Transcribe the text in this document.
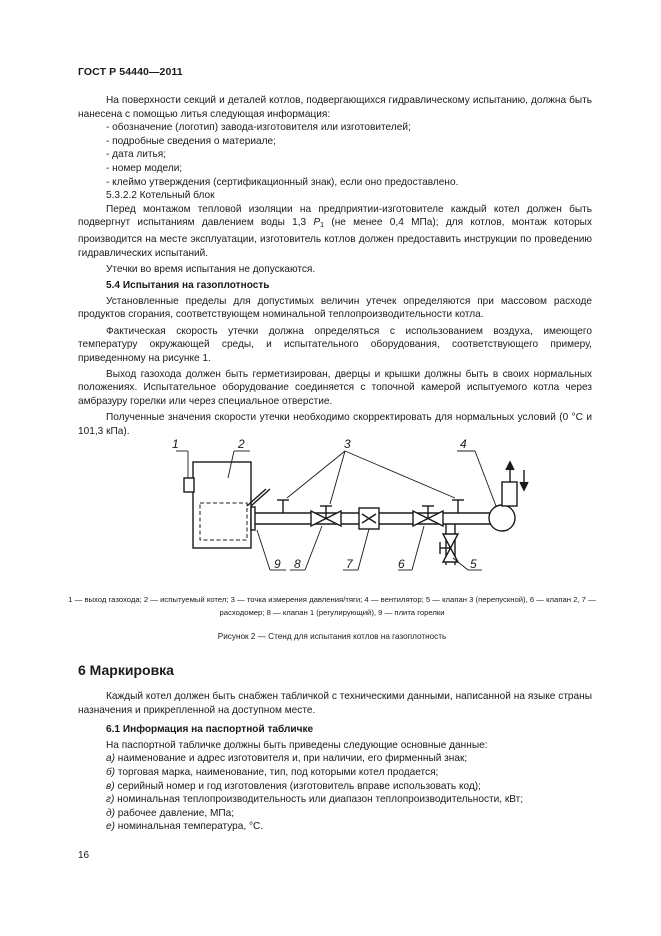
ГОСТ Р 54440—2011

На поверхности секций и деталей котлов, подвергающихся гидравлическому испытанию, должна быть нанесена с помощью литья следующая информация:

- обозначение (логотип) завода-изготовителя или изготовителей;

- подробные сведения о материале;

- дата литья;

- номер модели;

- клеймо утверждения (сертификационный знак), если оно предоставлено.

5.3.2.2 Котельный блок

Перед монтажом тепловой изоляции на предприятии-изготовителе каждый котел должен быть подвергнут испытаниям давлением воды 1,3 $P_1$ (не менее 0,4 МПа); для котлов, монтаж которых производится на месте эксплуатации, изготовитель котлов должен предоставить инструкции по проведению гидравлических испытаний.

Утечки во время испытания не допускаются.

5.4 Испытания на газоплотность

Установленные пределы для допустимых величин утечек определяются при массовом расходе продуктов сгорания, соответствующем номинальной теплопроизводительности котла.

Фактическая скорость утечки должна определяться с использованием воздуха, имеющего температуру окружающей среды, и испытательного оборудования, соответствующего примеру, приведенному на рисунке 1.

Выход газохода должен быть герметизирован, дверцы и крышки должны быть в своих нормальных положениях. Испытательное оборудование соединяется с топочной камерой испытуемого котла через амбразуру горелки или через специальное отверстие.

Полученные значения скорости утечки необходимо скорректировать для нормальных условий (0 °C и 101,3 кПа).

1	2	3	4
5
6
7
8
9
1 — выход газохода; 2 — испытуемый котел; 3 — точка измерения давления/тяги; 4 — вентилятор; 5 — клапан 3 (перепускной), 6 — клапан 2, 7 — расходомер; 8 — клапан 1 (регулирующий), 9 — плита горелки
Рисунок 2 — Стенд для испытания котлов на газоплотность
6 Маркировка

Каждый котел должен быть снабжен табличкой с техническими данными, написанной на языке страны назначения и прикрепленной на доступном месте.

6.1 Информация на паспортной табличке

На паспортной табличке должны быть приведены следующие основные данные:

а) наименование и адрес изготовителя и, при наличии, его фирменный знак;

б) торговая марка, наименование, тип, под которыми котел продается;

в) серийный номер и год изготовления (изготовитель вправе использовать код);

г) номинальная теплопроизводительность или диапазон теплопроизводительности, кВт;

д) рабочее давление, МПа;

е) номинальная температура, °C.

16
